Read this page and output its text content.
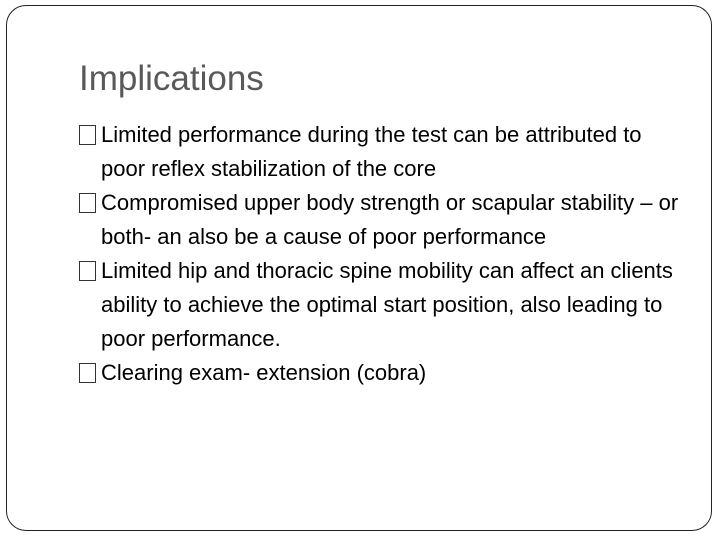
Implications
Limited performance during the test can be attributed to poor reflex stabilization of the core
Compromised upper body strength or scapular stability – or both- an also be a cause of poor performance
Limited hip and thoracic spine mobility can affect an clients ability to achieve the optimal start position, also leading to poor performance.
Clearing exam- extension (cobra)
